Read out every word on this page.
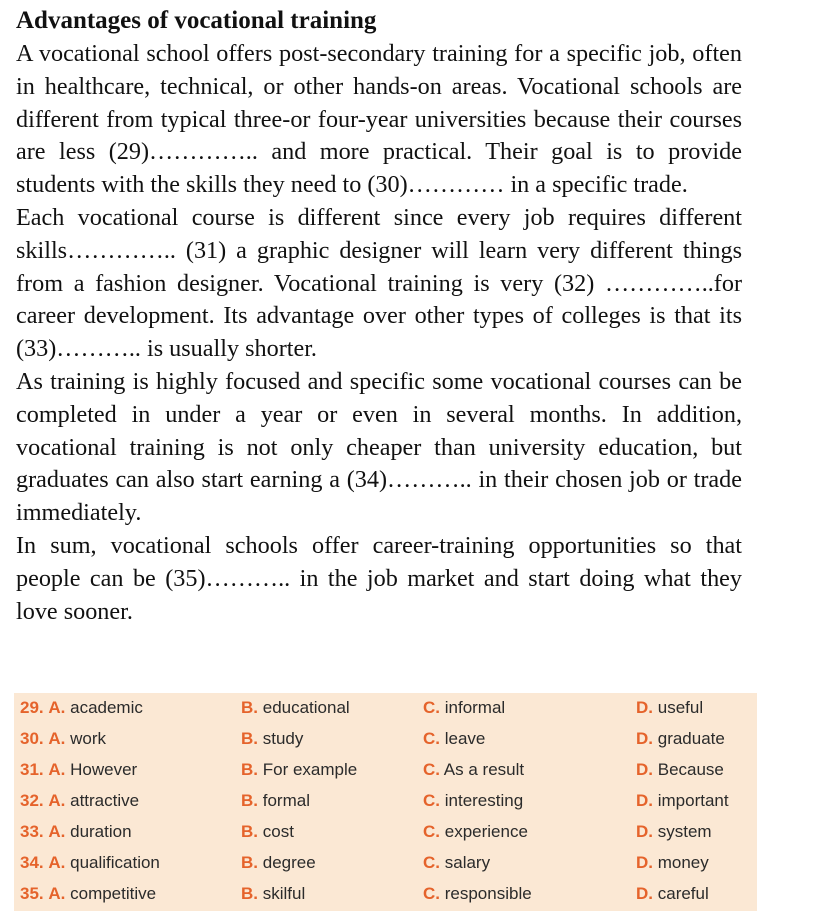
Advantages of vocational training

A vocational school offers post-secondary training for a specific job, often in healthcare, technical, or other hands-on areas. Vocational schools are different from typical three-or four-year universities because their courses are less (29)………….. and more practical. Their goal is to provide students with the skills they need to (30)………… in a specific trade.

Each vocational course is different since every job requires different skills………….. (31) a graphic designer will learn very different things from a fashion designer. Vocational training is very (32) …………..for career development. Its advantage over other types of colleges is that its (33)……….. is usually shorter.

As training is highly focused and specific some vocational courses can be completed in under a year or even in several months. In addition, vocational training is not only cheaper than university education, but graduates can also start earning a (34)……….. in their chosen job or trade immediately.

In sum, vocational schools offer career-training opportunities so that people can be (35)……….. in the job market and start doing what they love sooner.

29. A. academic	B. educational	C. informal	D. useful
30. A. work	B. study	C. leave	D. graduate
31. A. However	B. For example	C. As a result	D. Because
32. A. attractive	B. formal	C. interesting	D. important
33. A. duration	B. cost	C. experience	D. system
34. A. qualification	B. degree	C. salary	D. money
35. A. competitive	B. skilful	C. responsible	D. careful
